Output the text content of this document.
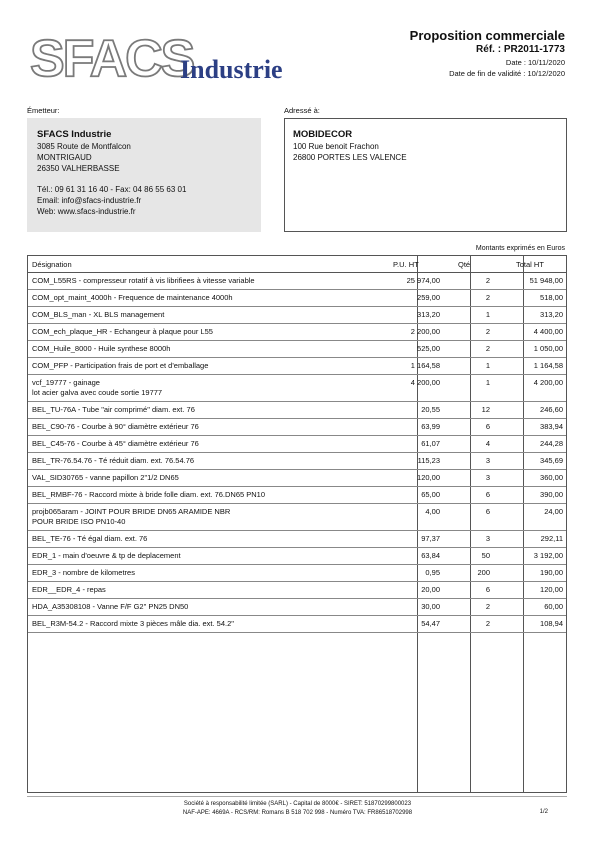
SFACS
Industrie
Proposition commerciale
Réf. : PR2011-1773
Date : 10/11/2020
Date de fin de validité : 10/12/2020
Émetteur:
SFACS Industrie
3085 Route de Montfalcon
MONTRIGAUD
26350 VALHERBASSE
Tél.: 09 61 31 16 40 - Fax: 04 86 55 63 01
Email: info@sfacs-industrie.fr
Web: www.sfacs-industrie.fr
Adressé à:
MOBIDECOR
100 Rue benoit Frachon
26800 PORTES LES VALENCE
Montants exprimés en Euros
Désignation	P.U. HT	Qté	Total HT
COM_L55RS - compresseur rotatif à vis librifiees à vitesse variable	25 974,00	2	51 948,00
COM_opt_maint_4000h - Frequence de maintenance 4000h	259,00	2	518,00
COM_BLS_man - XL BLS management	313,20	1	313,20
COM_ech_plaque_HR - Echangeur à plaque pour L55	2 200,00	2	4 400,00
COM_Huile_8000 - Huile synthese 8000h	525,00	2	1 050,00
COM_PFP - Participation frais de port et d'emballage	1 164,58	1	1 164,58
vcf_19777 - gainage
lot acier galva avec coude sortie 19777
4 200,00	1	4 200,00
BEL_TU-76A - Tube "air comprimé" diam. ext. 76	20,55	12	246,60
BEL_C90-76 - Courbe à 90° diamètre extérieur 76	63,99	6	383,94
BEL_C45-76 - Courbe à 45° diamètre extérieur 76	61,07	4	244,28
BEL_TR-76.54.76 - Té réduit diam. ext. 76.54.76	115,23	3	345,69
VAL_SID30765 - vanne papillon 2"1/2 DN65	120,00	3	360,00
BEL_RMBF-76 - Raccord mixte à bride folle diam. ext. 76.DN65 PN10	65,00	6	390,00
projb065aram - JOINT POUR BRIDE DN65 ARAMIDE NBR
POUR BRIDE ISO PN10-40
4,00	6	24,00
BEL_TE-76 - Té égal diam. ext. 76	97,37	3	292,11
EDR_1 - main d'oeuvre & tp de deplacement	63,84	50	3 192,00
EDR_3 - nombre de kilometres	0,95	200	190,00
EDR__EDR_4 - repas	20,00	6	120,00
HDA_A35308108 - Vanne F/F G2" PN25 DN50	30,00	2	60,00
BEL_R3M-54.2 - Raccord mixte 3 pièces mâle dia. ext. 54.2"	54,47	2	108,94
Société à responsabilité limitée (SARL) - Capital de 8000€ - SIRET: 51870299800023
NAF-APE: 4669A - RCS/RM: Romans B 518 702 998 - Numéro TVA: FR86518702998	1/2
